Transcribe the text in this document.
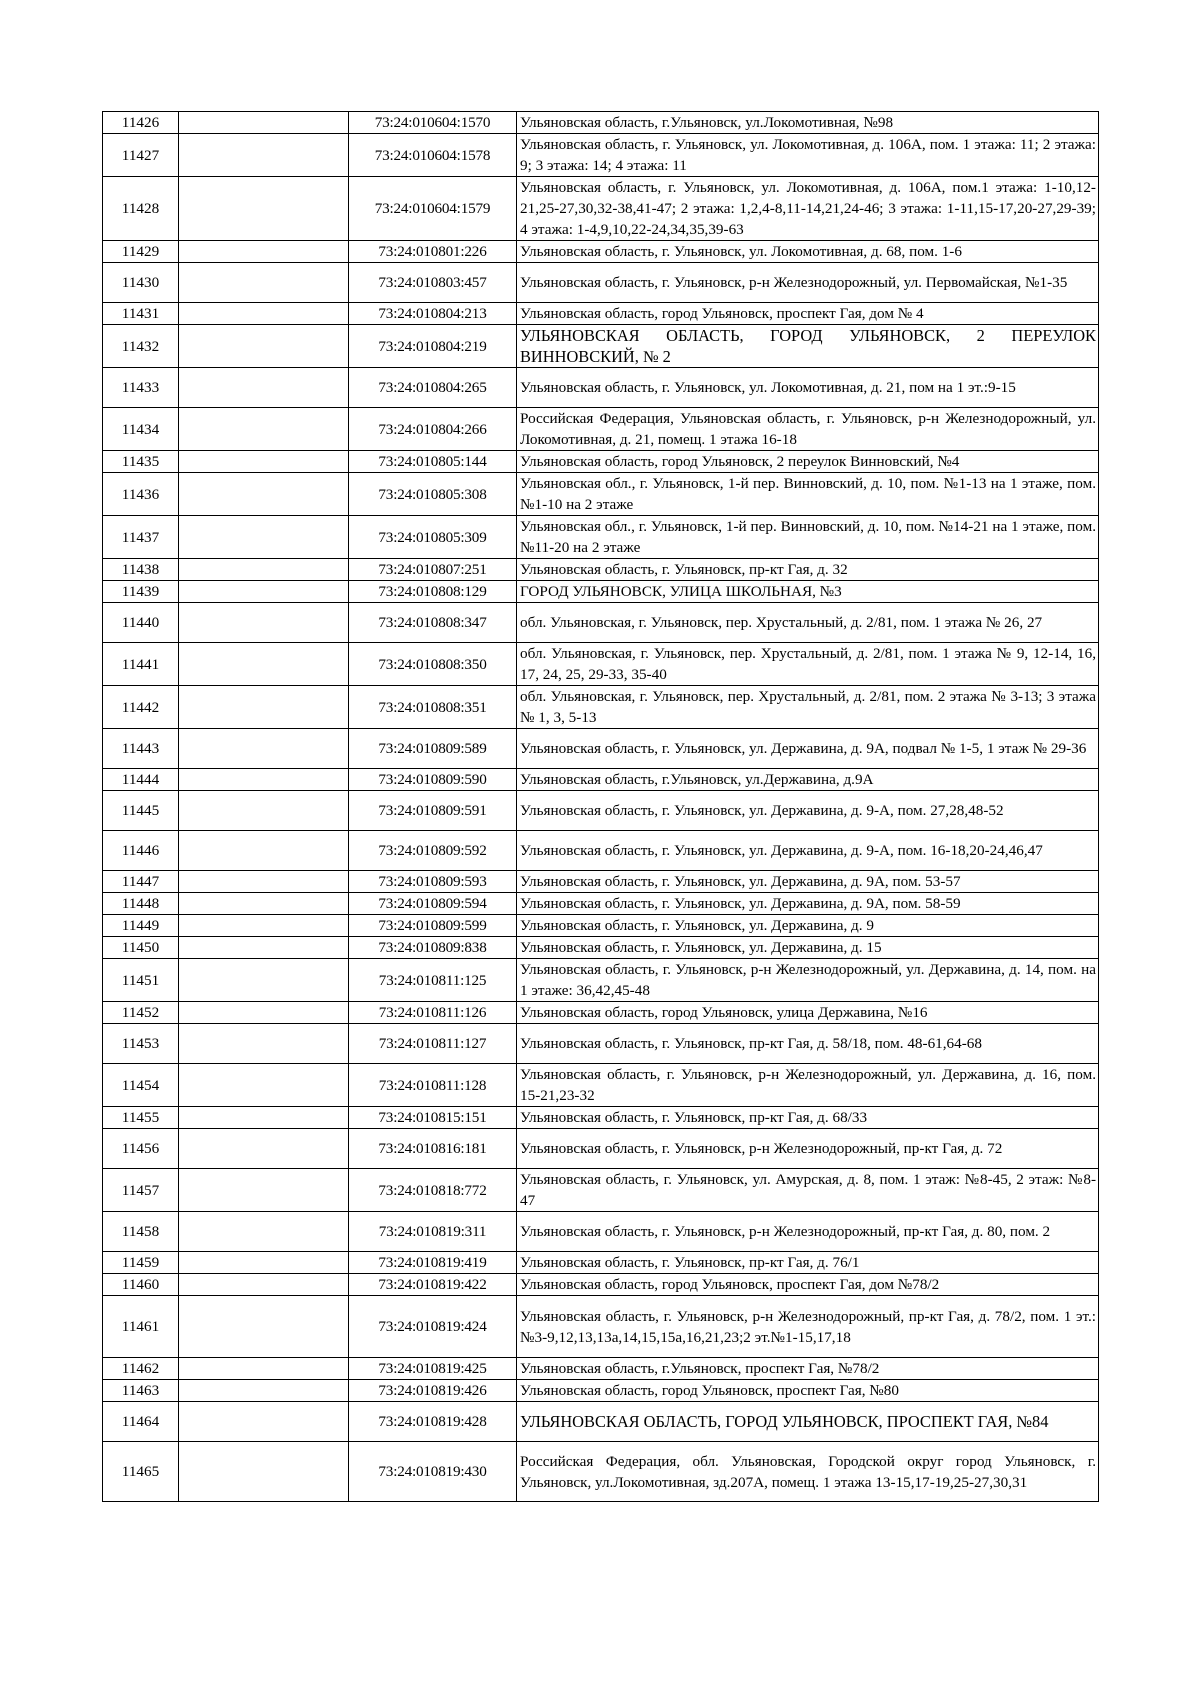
11426		73:24:010604:1570	Ульяновская область, г.Ульяновск, ул.Локомотивная, №98
11427		73:24:010604:1578	Ульяновская область, г. Ульяновск, ул. Локомотивная, д. 106А, пом. 1 этажа: 11; 2 этажа: 9; 3 этажа: 14; 4 этажа: 11
11428		73:24:010604:1579	Ульяновская область, г. Ульяновск, ул. Локомотивная, д. 106А, пом.1 этажа: 1-10,12-21,25-27,30,32-38,41-47; 2 этажа: 1,2,4-8,11-14,21,24-46; 3 этажа: 1-11,15-17,20-27,29-39; 4 этажа: 1-4,9,10,22-24,34,35,39-63
11429		73:24:010801:226	Ульяновская область, г. Ульяновск, ул. Локомотивная, д. 68, пом. 1-6
11430		73:24:010803:457	Ульяновская область, г. Ульяновск, р-н Железнодорожный, ул. Первомайская, №1-35
11431		73:24:010804:213	Ульяновская область, город Ульяновск, проспект Гая, дом № 4
11432		73:24:010804:219	УЛЬЯНОВСКАЯ ОБЛАСТЬ, ГОРОД УЛЬЯНОВСК, 2 ПЕРЕУЛОК ВИННОВСКИЙ, № 2
11433		73:24:010804:265	Ульяновская область, г. Ульяновск, ул. Локомотивная, д. 21, пом на 1 эт.:9-15
11434		73:24:010804:266	Российская Федерация, Ульяновская область, г. Ульяновск, р-н Железнодорожный, ул. Локомотивная, д. 21, помещ. 1 этажа 16-18
11435		73:24:010805:144	Ульяновская область, город Ульяновск, 2 переулок Винновский, №4
11436		73:24:010805:308	Ульяновская обл., г. Ульяновск, 1-й пер. Винновский, д. 10, пом. №1-13 на 1 этаже, пом. №1-10 на 2 этаже
11437		73:24:010805:309	Ульяновская обл., г. Ульяновск, 1-й пер. Винновский, д. 10, пом. №14-21 на 1 этаже, пом. №11-20 на 2 этаже
11438		73:24:010807:251	Ульяновская область, г. Ульяновск, пр-кт Гая, д. 32
11439		73:24:010808:129	ГОРОД УЛЬЯНОВСК, УЛИЦА ШКОЛЬНАЯ, №3
11440		73:24:010808:347	обл. Ульяновская, г. Ульяновск, пер. Хрустальный, д. 2/81, пом. 1 этажа № 26, 27
11441		73:24:010808:350	обл. Ульяновская, г. Ульяновск, пер. Хрустальный, д. 2/81, пом. 1 этажа № 9, 12-14, 16, 17, 24, 25, 29-33, 35-40
11442		73:24:010808:351	обл. Ульяновская, г. Ульяновск, пер. Хрустальный, д. 2/81, пом. 2 этажа № 3-13; 3 этажа № 1, 3, 5-13
11443		73:24:010809:589	Ульяновская область, г. Ульяновск, ул. Державина, д. 9А, подвал № 1-5, 1 этаж № 29-36
11444		73:24:010809:590	Ульяновская область, г.Ульяновск, ул.Державина, д.9А
11445		73:24:010809:591	Ульяновская область, г. Ульяновск, ул. Державина, д. 9-А, пом. 27,28,48-52
11446		73:24:010809:592	Ульяновская область, г. Ульяновск, ул. Державина, д. 9-А, пом. 16-18,20-24,46,47
11447		73:24:010809:593	Ульяновская область, г. Ульяновск, ул. Державина, д. 9А, пом. 53-57
11448		73:24:010809:594	Ульяновская область, г. Ульяновск, ул. Державина, д. 9А, пом. 58-59
11449		73:24:010809:599	Ульяновская область, г. Ульяновск, ул. Державина, д. 9
11450		73:24:010809:838	Ульяновская область, г. Ульяновск, ул. Державина, д. 15
11451		73:24:010811:125	Ульяновская область, г. Ульяновск, р-н Железнодорожный, ул. Державина, д. 14, пом. на 1 этаже: 36,42,45-48
11452		73:24:010811:126	Ульяновская область, город Ульяновск, улица Державина, №16
11453		73:24:010811:127	Ульяновская область, г. Ульяновск, пр-кт Гая, д. 58/18, пом. 48-61,64-68
11454		73:24:010811:128	Ульяновская область, г. Ульяновск, р-н Железнодорожный, ул. Державина, д. 16, пом. 15-21,23-32
11455		73:24:010815:151	Ульяновская область, г. Ульяновск, пр-кт Гая, д. 68/33
11456		73:24:010816:181	Ульяновская область, г. Ульяновск, р-н Железнодорожный, пр-кт Гая, д. 72
11457		73:24:010818:772	Ульяновская область, г. Ульяновск, ул. Амурская, д. 8, пом. 1 этаж: №8-45, 2 этаж: №8-47
11458		73:24:010819:311	Ульяновская область, г. Ульяновск, р-н Железнодорожный, пр-кт Гая, д. 80, пом. 2
11459		73:24:010819:419	Ульяновская область, г. Ульяновск, пр-кт Гая, д. 76/1
11460		73:24:010819:422	Ульяновская область, город Ульяновск, проспект Гая, дом №78/2
11461		73:24:010819:424	Ульяновская область, г. Ульяновск, р-н Железнодорожный, пр-кт Гая, д. 78/2, пом. 1 эт.:№3-9,12,13,13а,14,15,15а,16,21,23;2 эт.№1-15,17,18
11462		73:24:010819:425	Ульяновская область, г.Ульяновск, проспект Гая, №78/2
11463		73:24:010819:426	Ульяновская область, город Ульяновск, проспект Гая, №80
11464		73:24:010819:428	УЛЬЯНОВСКАЯ ОБЛАСТЬ, ГОРОД УЛЬЯНОВСК, ПРОСПЕКТ ГАЯ, №84
11465		73:24:010819:430	Российская Федерация, обл. Ульяновская, Городской округ город Ульяновск, г. Ульяновск, ул.Локомотивная, зд.207А, помещ. 1 этажа 13-15,17-19,25-27,30,31
